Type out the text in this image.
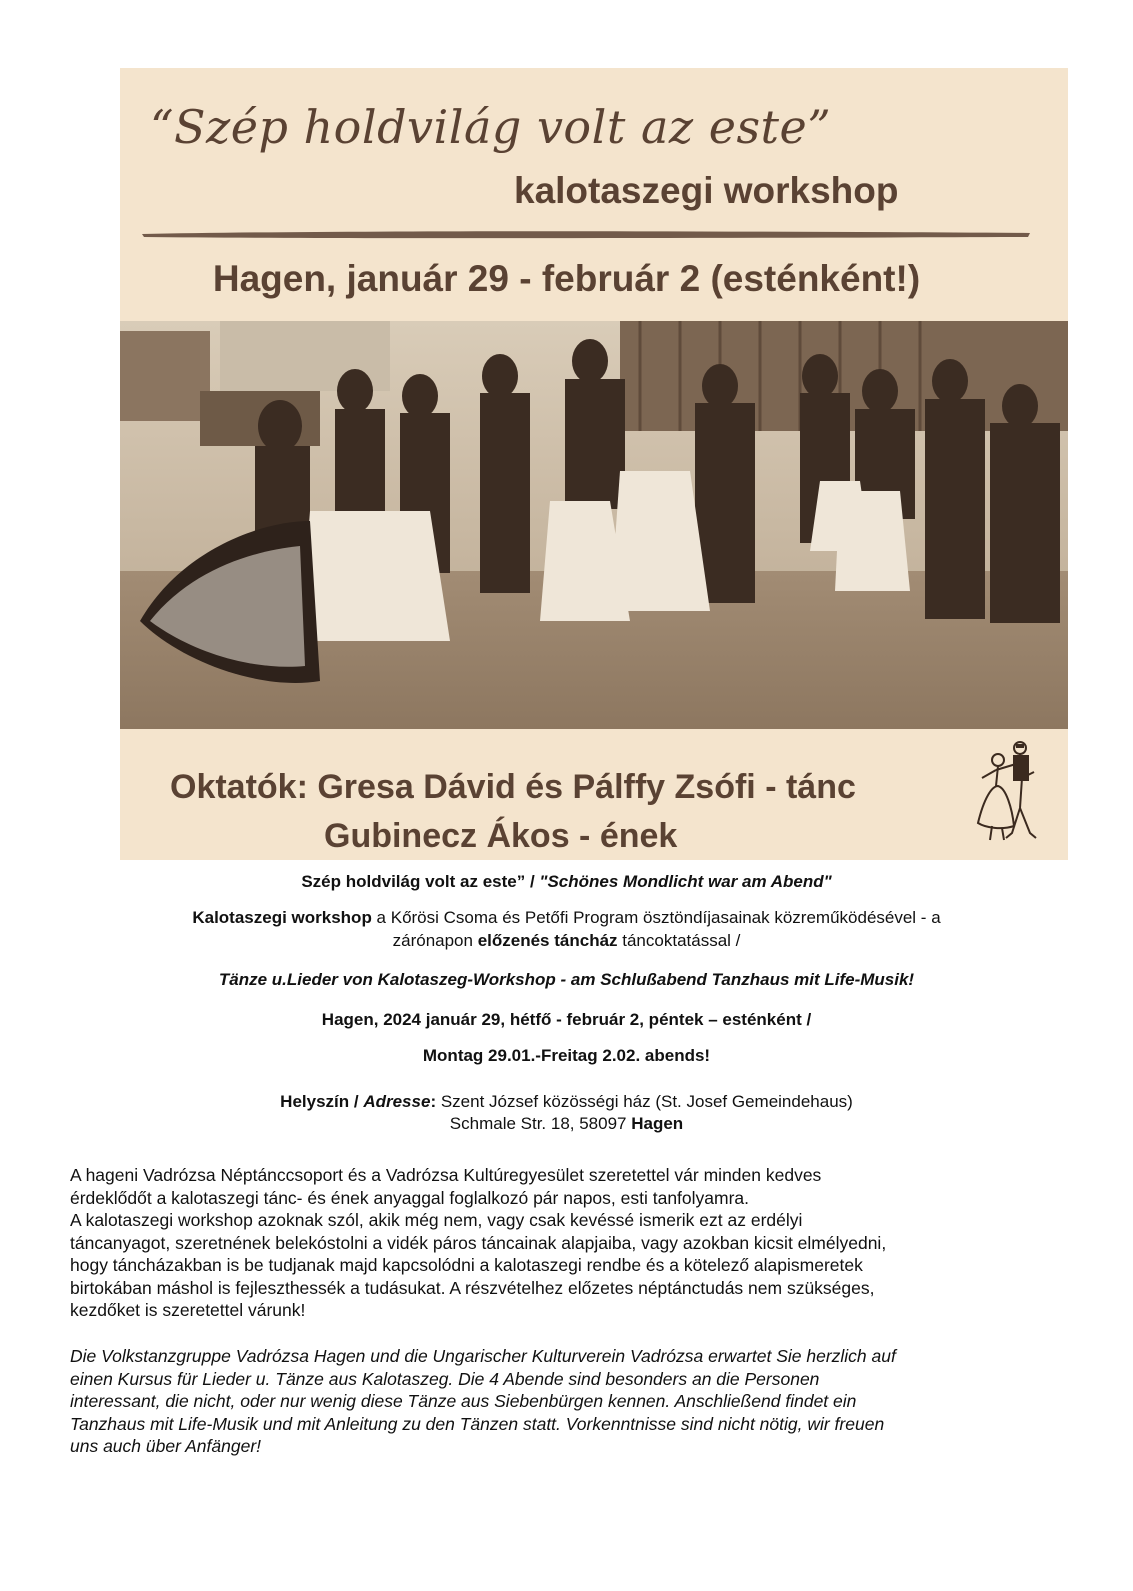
“Szép holdvilág volt az este”
kalotaszegi workshop
Hagen, január 29 - február 2 (esténként!)
Oktatók: Gresa Dávid és Pálffy Zsófi - tánc
Gubinecz Ákos - ének
Szép holdvilág volt az este” / "Schönes Mondlicht war am Abend"
Kalotaszegi workshop a Kőrösi Csoma és Petőfi Program ösztöndíjasainak közreműködésével - a
zárónapon előzenés táncház táncoktatással /
Tänze u.Lieder von Kalotaszeg-Workshop - am Schlußabend Tanzhaus mit Life-Musik!
Hagen, 2024 január 29, hétfő - február 2, péntek – esténként /
Montag 29.01.-Freitag 2.02. abends!
Helyszín / Adresse: Szent József közösségi ház (St. Josef Gemeindehaus)
Schmale Str. 18, 58097 Hagen
A hageni Vadrózsa Néptánccsoport és a Vadrózsa Kultúregyesület szeretettel vár minden kedves
érdeklődőt a kalotaszegi tánc- és ének anyaggal foglalkozó pár napos, esti tanfolyamra.
A kalotaszegi workshop azoknak szól, akik még nem, vagy csak kevéssé ismerik ezt az erdélyi
táncanyagot, szeretnének belekóstolni a vidék páros táncainak alapjaiba, vagy azokban kicsit elmélyedni,
hogy táncházakban is be tudjanak majd kapcsolódni a kalotaszegi rendbe és a kötelező alapismeretek
birtokában máshol is fejleszthessék a tudásukat. A részvételhez előzetes néptánctudás nem szükséges,
kezdőket is szeretettel várunk!
Die Volkstanzgruppe Vadrózsa Hagen und die Ungarischer Kulturverein Vadrózsa erwartet Sie herzlich auf
einen Kursus für Lieder u. Tänze aus Kalotaszeg. Die 4 Abende sind besonders an die Personen
interessant, die nicht, oder nur wenig diese Tänze aus Siebenbürgen kennen. Anschließend findet ein
Tanzhaus mit Life-Musik und mit Anleitung zu den Tänzen statt. Vorkenntnisse sind nicht nötig, wir freuen
uns auch über Anfänger!
